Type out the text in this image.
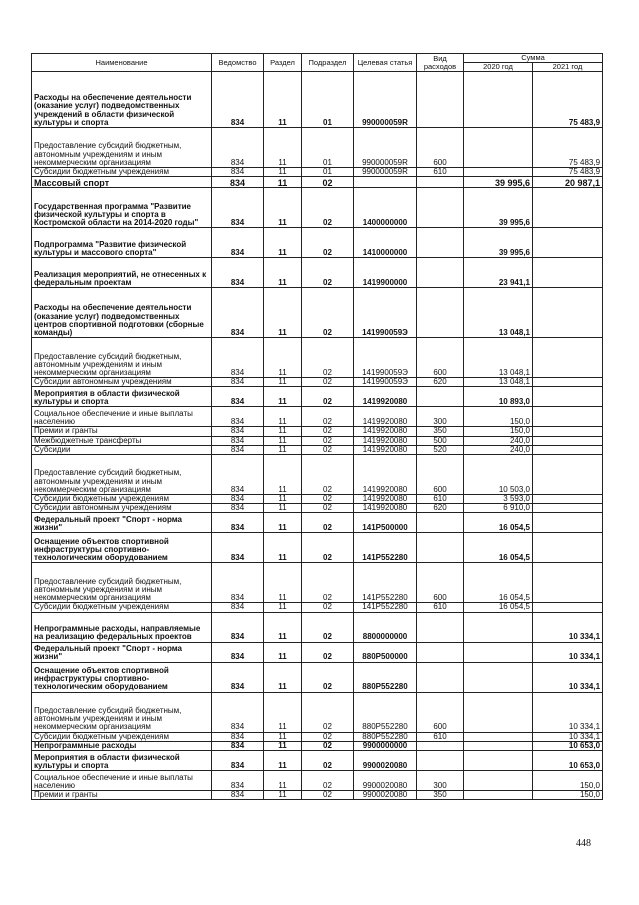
Наименование	Ведомство	Раздел	Подраздел	Целевая статья	Вид расходов	Сумма	
						2020 год	2021 год
Расходы на обеспечение деятельности (оказание услуг) подведомственных учреждений в области физической культуры и спорта	834	11	01	990000059R			75 483,9
Предоставление субсидий бюджетным, автономным учреждениям и иным некоммерческим организациям	834	11	01	990000059R	600		75 483,9
Субсидии бюджетным учреждениям	834	11	01	990000059R	610		75 483,9
Массовый спорт	834	11	02			39 995,6	20 987,1
Государственная программа "Развитие физической культуры и спорта в Костромской области на 2014-2020 годы"	834	11	02	1400000000		39 995,6	
Подпрограмма "Развитие физической культуры и массового спорта"	834	11	02	1410000000		39 995,6	
Реализация мероприятий, не отнесенных к федеральным проектам	834	11	02	1419900000		23 941,1	
Расходы на обеспечение деятельности (оказание услуг) подведомственных центров спортивной подготовки (сборные команды)	834	11	02	141990059Э		13 048,1	
Предоставление субсидий бюджетным, автономным учреждениям и иным некоммерческим организациям	834	11	02	141990059Э	600	13 048,1	
Субсидии автономным учреждениям	834	11	02	141990059Э	620	13 048,1	
Мероприятия в области физической культуры и спорта	834	11	02	1419920080		10 893,0	
Социальное обеспечение и иные выплаты населению	834	11	02	1419920080	300	150,0	
Премии и гранты	834	11	02	1419920080	350	150,0	
Межбюджетные трансферты	834	11	02	1419920080	500	240,0	
Субсидии	834	11	02	1419920080	520	240,0	
Предоставление субсидий бюджетным, автономным учреждениям и иным некоммерческим организациям	834	11	02	1419920080	600	10 503,0	
Субсидии бюджетным учреждениям	834	11	02	1419920080	610	3 593,0	
Субсидии автономным учреждениям	834	11	02	1419920080	620	6 910,0	
Федеральный проект "Спорт - норма жизни"	834	11	02	141P500000		16 054,5	
Оснащение объектов спортивной инфраструктуры спортивно-технологическим оборудованием	834	11	02	141P552280		16 054,5	
Предоставление субсидий бюджетным, автономным учреждениям и иным некоммерческим организациям	834	11	02	141P552280	600	16 054,5	
Субсидии бюджетным учреждениям	834	11	02	141P552280	610	16 054,5	
Непрограммные расходы, направляемые на реализацию федеральных проектов	834	11	02	8800000000			10 334,1
Федеральный проект "Спорт - норма жизни"	834	11	02	880P500000			10 334,1
Оснащение объектов спортивной инфраструктуры спортивно-технологическим оборудованием	834	11	02	880P552280			10 334,1
Предоставление субсидий бюджетным, автономным учреждениям и иным некоммерческим организациям	834	11	02	880P552280	600		10 334,1
Субсидии бюджетным учреждениям	834	11	02	880P552280	610		10 334,1
Непрограммные расходы	834	11	02	9900000000			10 653,0
Мероприятия в области физической культуры и спорта	834	11	02	9900020080			10 653,0
Социальное обеспечение и иные выплаты населению	834	11	02	9900020080	300		150,0
Премии и гранты	834	11	02	9900020080	350		150,0
448
